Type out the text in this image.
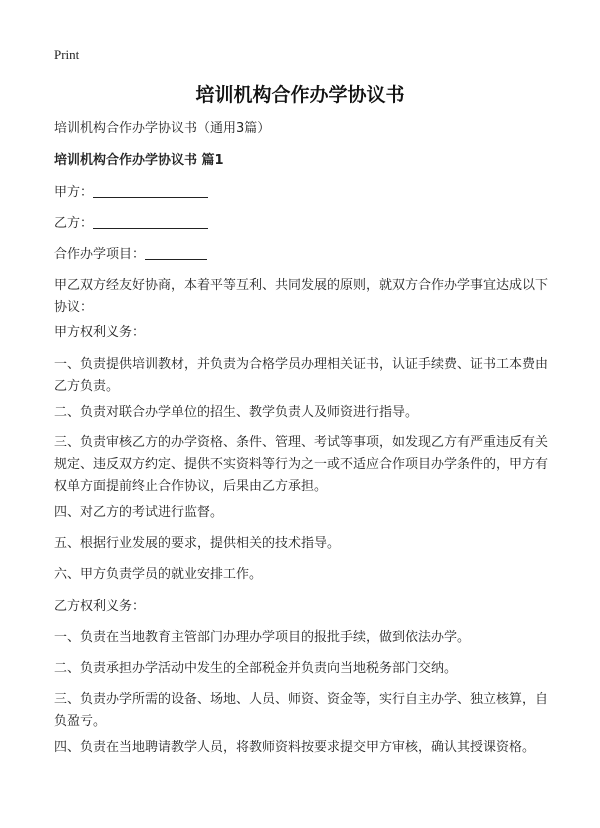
Print
培训机构合作办学协议书
培训机构合作办学协议书（通用3篇）
培训机构合作办学协议书 篇1
甲方：
乙方：
合作办学项目：
甲乙双方经友好协商，本着平等互利、共同发展的原则，就双方合作办学事宜达成以下协议：
甲方权利义务：
一、负责提供培训教材，并负责为合格学员办理相关证书，认证手续费、证书工本费由乙方负责。
二、负责对联合办学单位的招生、教学负责人及师资进行指导。
三、负责审核乙方的办学资格、条件、管理、考试等事项，如发现乙方有严重违反有关规定、违反双方约定、提供不实资料等行为之一或不适应合作项目办学条件的，甲方有权单方面提前终止合作协议，后果由乙方承担。
四、对乙方的考试进行监督。
五、根据行业发展的要求，提供相关的技术指导。
六、甲方负责学员的就业安排工作。
乙方权利义务：
一、负责在当地教育主管部门办理办学项目的报批手续，做到依法办学。
二、负责承担办学活动中发生的全部税金并负责向当地税务部门交纳。
三、负责办学所需的设备、场地、人员、师资、资金等，实行自主办学、独立核算，自负盈亏。
四、负责在当地聘请教学人员，将教师资料按要求提交甲方审核，确认其授课资格。
